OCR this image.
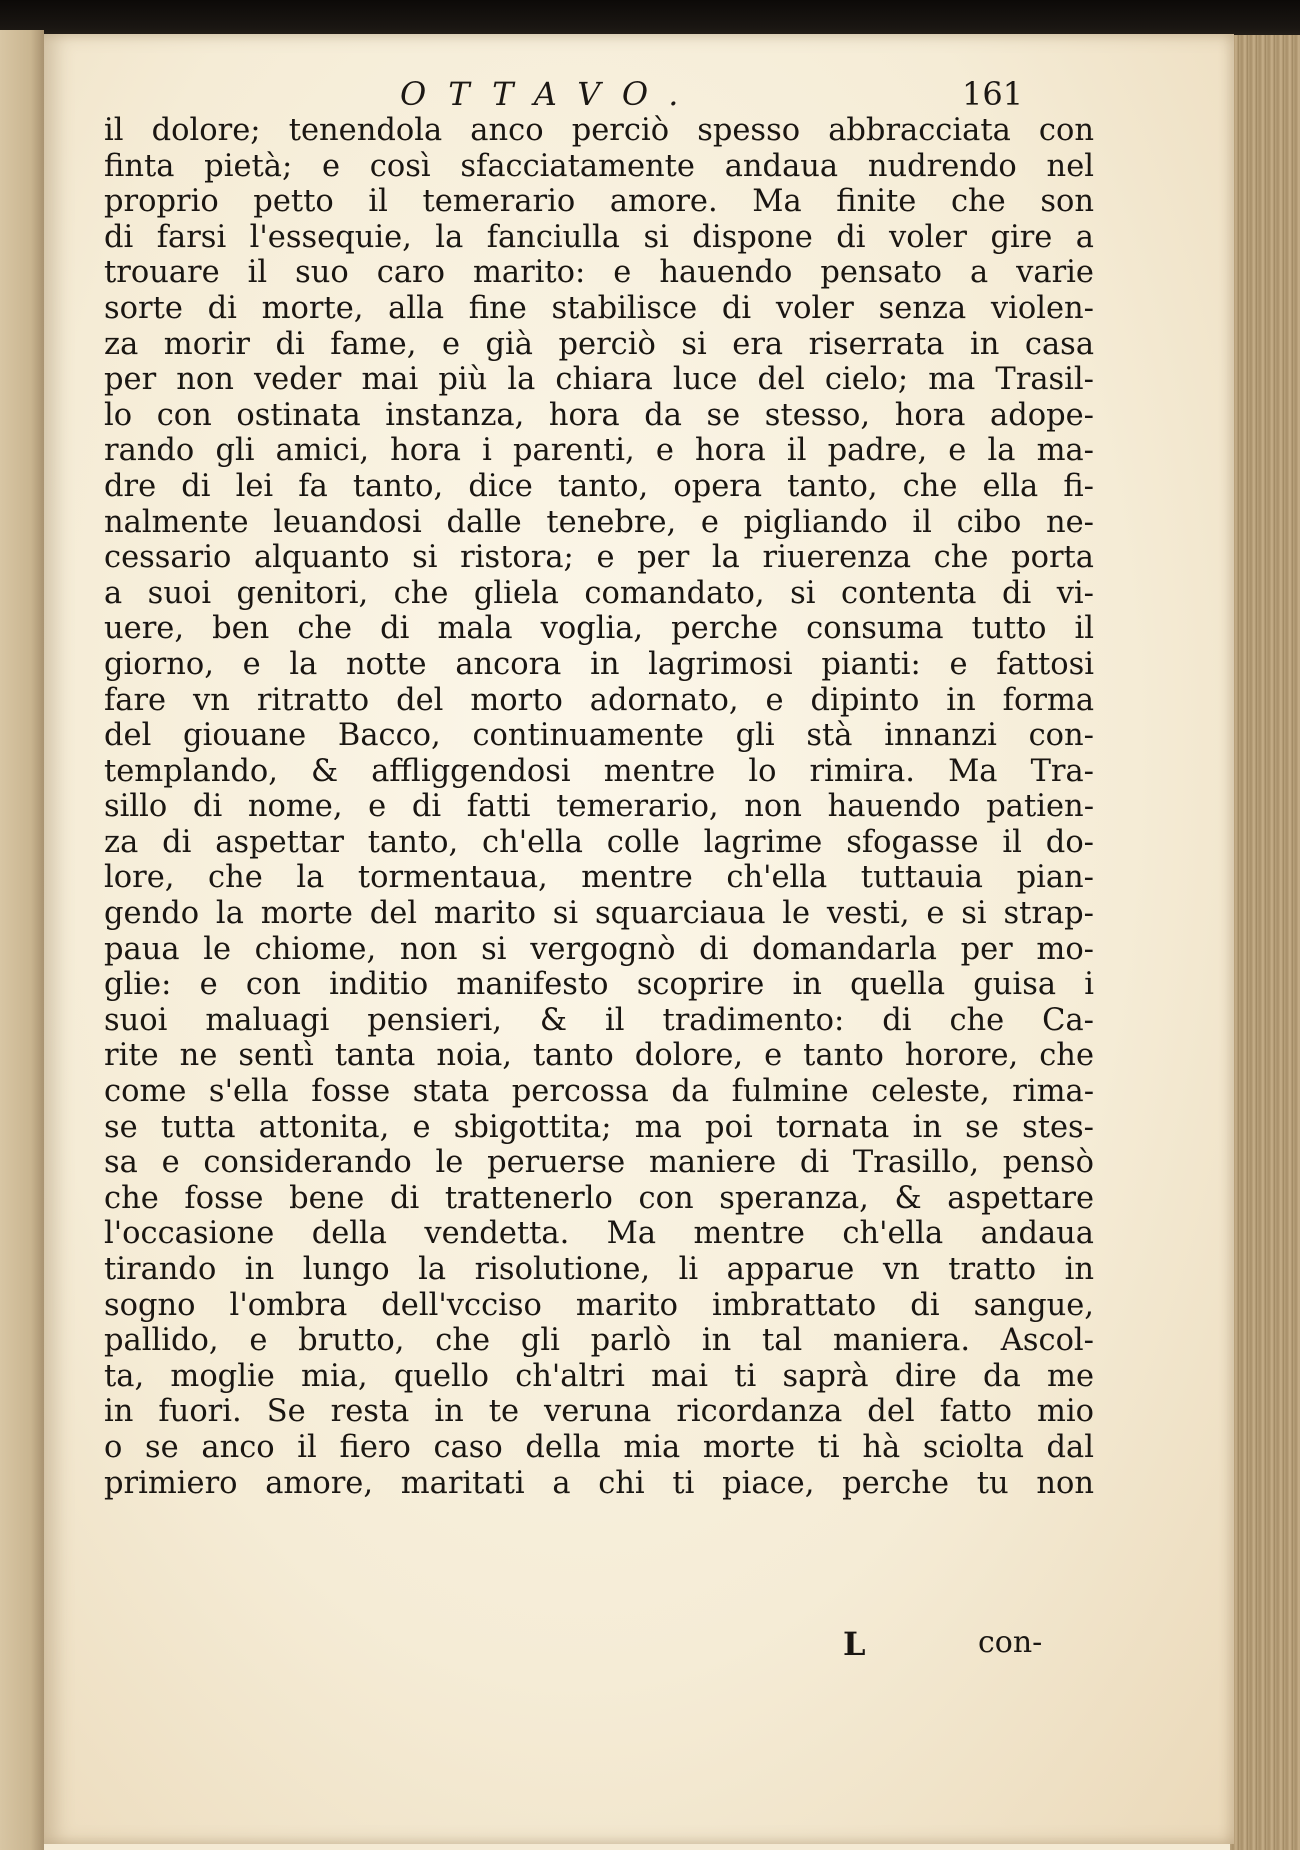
OTTAVO.	161
il dolore; tenendola anco perciò spesso abbracciata con
finta pietà; e così sfacciatamente andaua nudrendo nel
proprio petto il temerario amore. Ma finite che son
di farsi l'essequie, la fanciulla si dispone di voler gire a
trouare il suo caro marito: e hauendo pensato a varie
sorte di morte, alla fine stabilisce di voler senza violen-
za morir di fame, e già perciò si era riserrata in casa
per non veder mai più la chiara luce del cielo; ma Trasil-
lo con ostinata instanza, hora da se stesso, hora adope-
rando gli amici, hora i parenti, e hora il padre, e la ma-
dre di lei fa tanto, dice tanto, opera tanto, che ella fi-
nalmente leuandosi dalle tenebre, e pigliando il cibo ne-
cessario alquanto si ristora; e per la riuerenza che porta
a suoi genitori, che gliela comandato, si contenta di vi-
uere, ben che di mala voglia, perche consuma tutto il
giorno, e la notte ancora in lagrimosi pianti: e fattosi
fare vn ritratto del morto adornato, e dipinto in forma
del giouane Bacco, continuamente gli stà innanzi con-
templando, & affliggendosi mentre lo rimira. Ma Tra-
sillo di nome, e di fatti temerario, non hauendo patien-
za di aspettar tanto, ch'ella colle lagrime sfogasse il do-
lore, che la tormentaua, mentre ch'ella tuttauia pian-
gendo la morte del marito si squarciaua le vesti, e si strap-
paua le chiome, non si vergognò di domandarla per mo-
glie: e con inditio manifesto scoprire in quella guisa i
suoi maluagi pensieri, & il tradimento: di che Ca-
rite ne sentì tanta noia, tanto dolore, e tanto horore, che
come s'ella fosse stata percossa da fulmine celeste, rima-
se tutta attonita, e sbigottita; ma poi tornata in se stes-
sa e considerando le peruerse maniere di Trasillo, pensò
che fosse bene di trattenerlo con speranza, & aspettare
l'occasione della vendetta. Ma mentre ch'ella andaua
tirando in lungo la risolutione, li apparue vn tratto in
sogno l'ombra dell'vccisо marito imbrattato di sangue,
pallido, e brutto, che gli parlò in tal maniera. Ascol-
ta, moglie mia, quello ch'altri mai ti saprà dire da me
in fuori. Se resta in te veruna ricordanza del fatto mio
o se anco il fiero caso della mia morte ti hà sciolta dal
primiero amore, maritati a chi ti piace, perche tu non
L	con-
